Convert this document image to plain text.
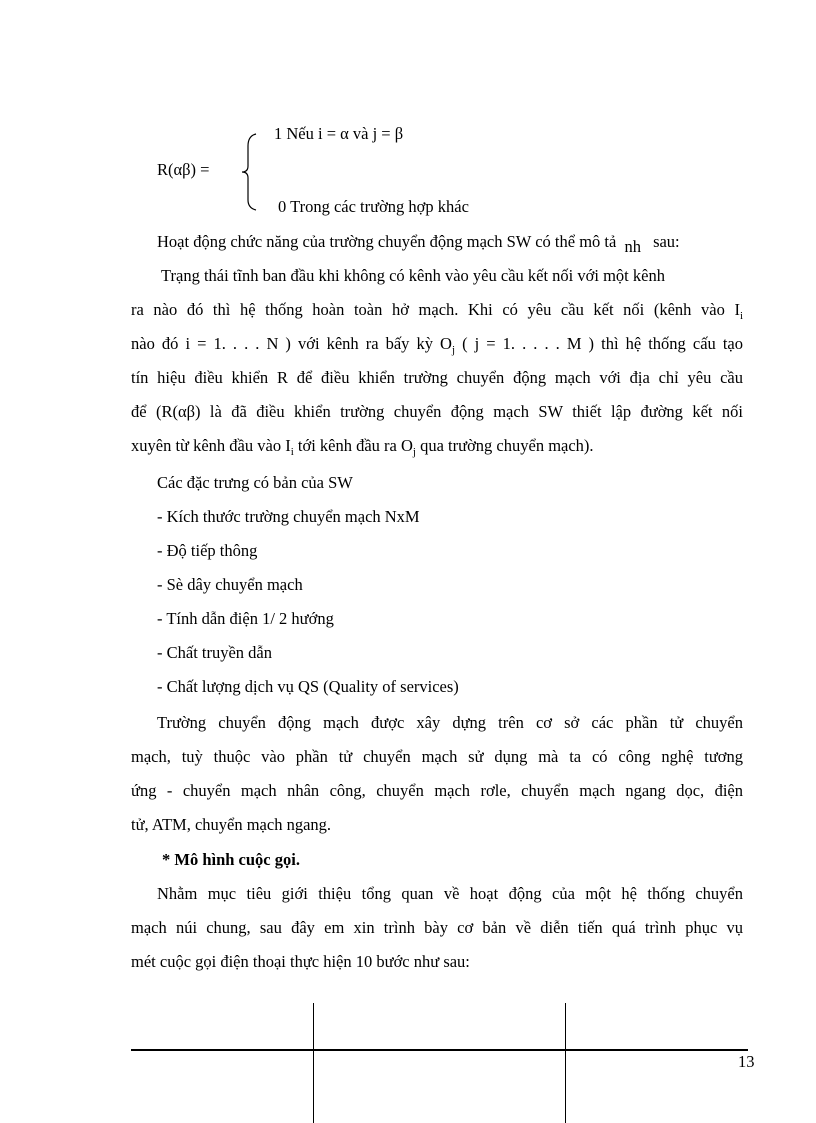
R(αβ) =
1 Nếu i = α và j = β
0 Trong các trường hợp khác
Hoạt động chức năng của trường chuyển động mạch SW có thể mô tả nh sau:
Trạng thái tĩnh ban đầu khi không có kênh vào yêu cầu kết nối với một kênh
ra nào đó thì hệ thống hoàn toàn hở mạch. Khi có yêu cầu kết nối (kênh vào $I_i$
nào đó i = 1. . . . N ) với kênh ra bấy kỳ $O_j$ ( j = 1. . . . . M ) thì hệ thống cấu tạo
tín hiệu điều khiển R để điều khiển trường chuyển động mạch với địa chỉ yêu cầu
để (R(αβ) là đã điều khiển trường chuyển động mạch SW thiết lập đường kết nối
xuyên từ kênh đầu vào $I_i$ tới kênh đầu ra $O_j$ qua trường chuyển mạch).
Các đặc trưng có bản của SW
- Kích thước trường chuyển mạch NxM
- Độ tiếp thông
- Sè dây chuyển mạch
- Tính dẫn điện 1/ 2 hướng
- Chất truyền dẫn
- Chất lượng dịch vụ QS (Quality of services)
Trường chuyển động mạch được xây dựng trên cơ sở các phần tử chuyển
mạch, tuỳ thuộc vào phần tử chuyển mạch sử dụng mà ta có công nghệ tương
ứng - chuyển mạch nhân công, chuyển mạch rơle, chuyển mạch ngang dọc, điện
tử, ATM, chuyển mạch ngang.
* Mô hình cuộc gọi.
Nhằm mục tiêu giới thiệu tổng quan về hoạt động của một hệ thống chuyển
mạch núi chung, sau đây em xin trình bày cơ bản về diễn tiến quá trình phục vụ
mét cuộc gọi điện thoại thực hiện 10 bước như sau:
13
